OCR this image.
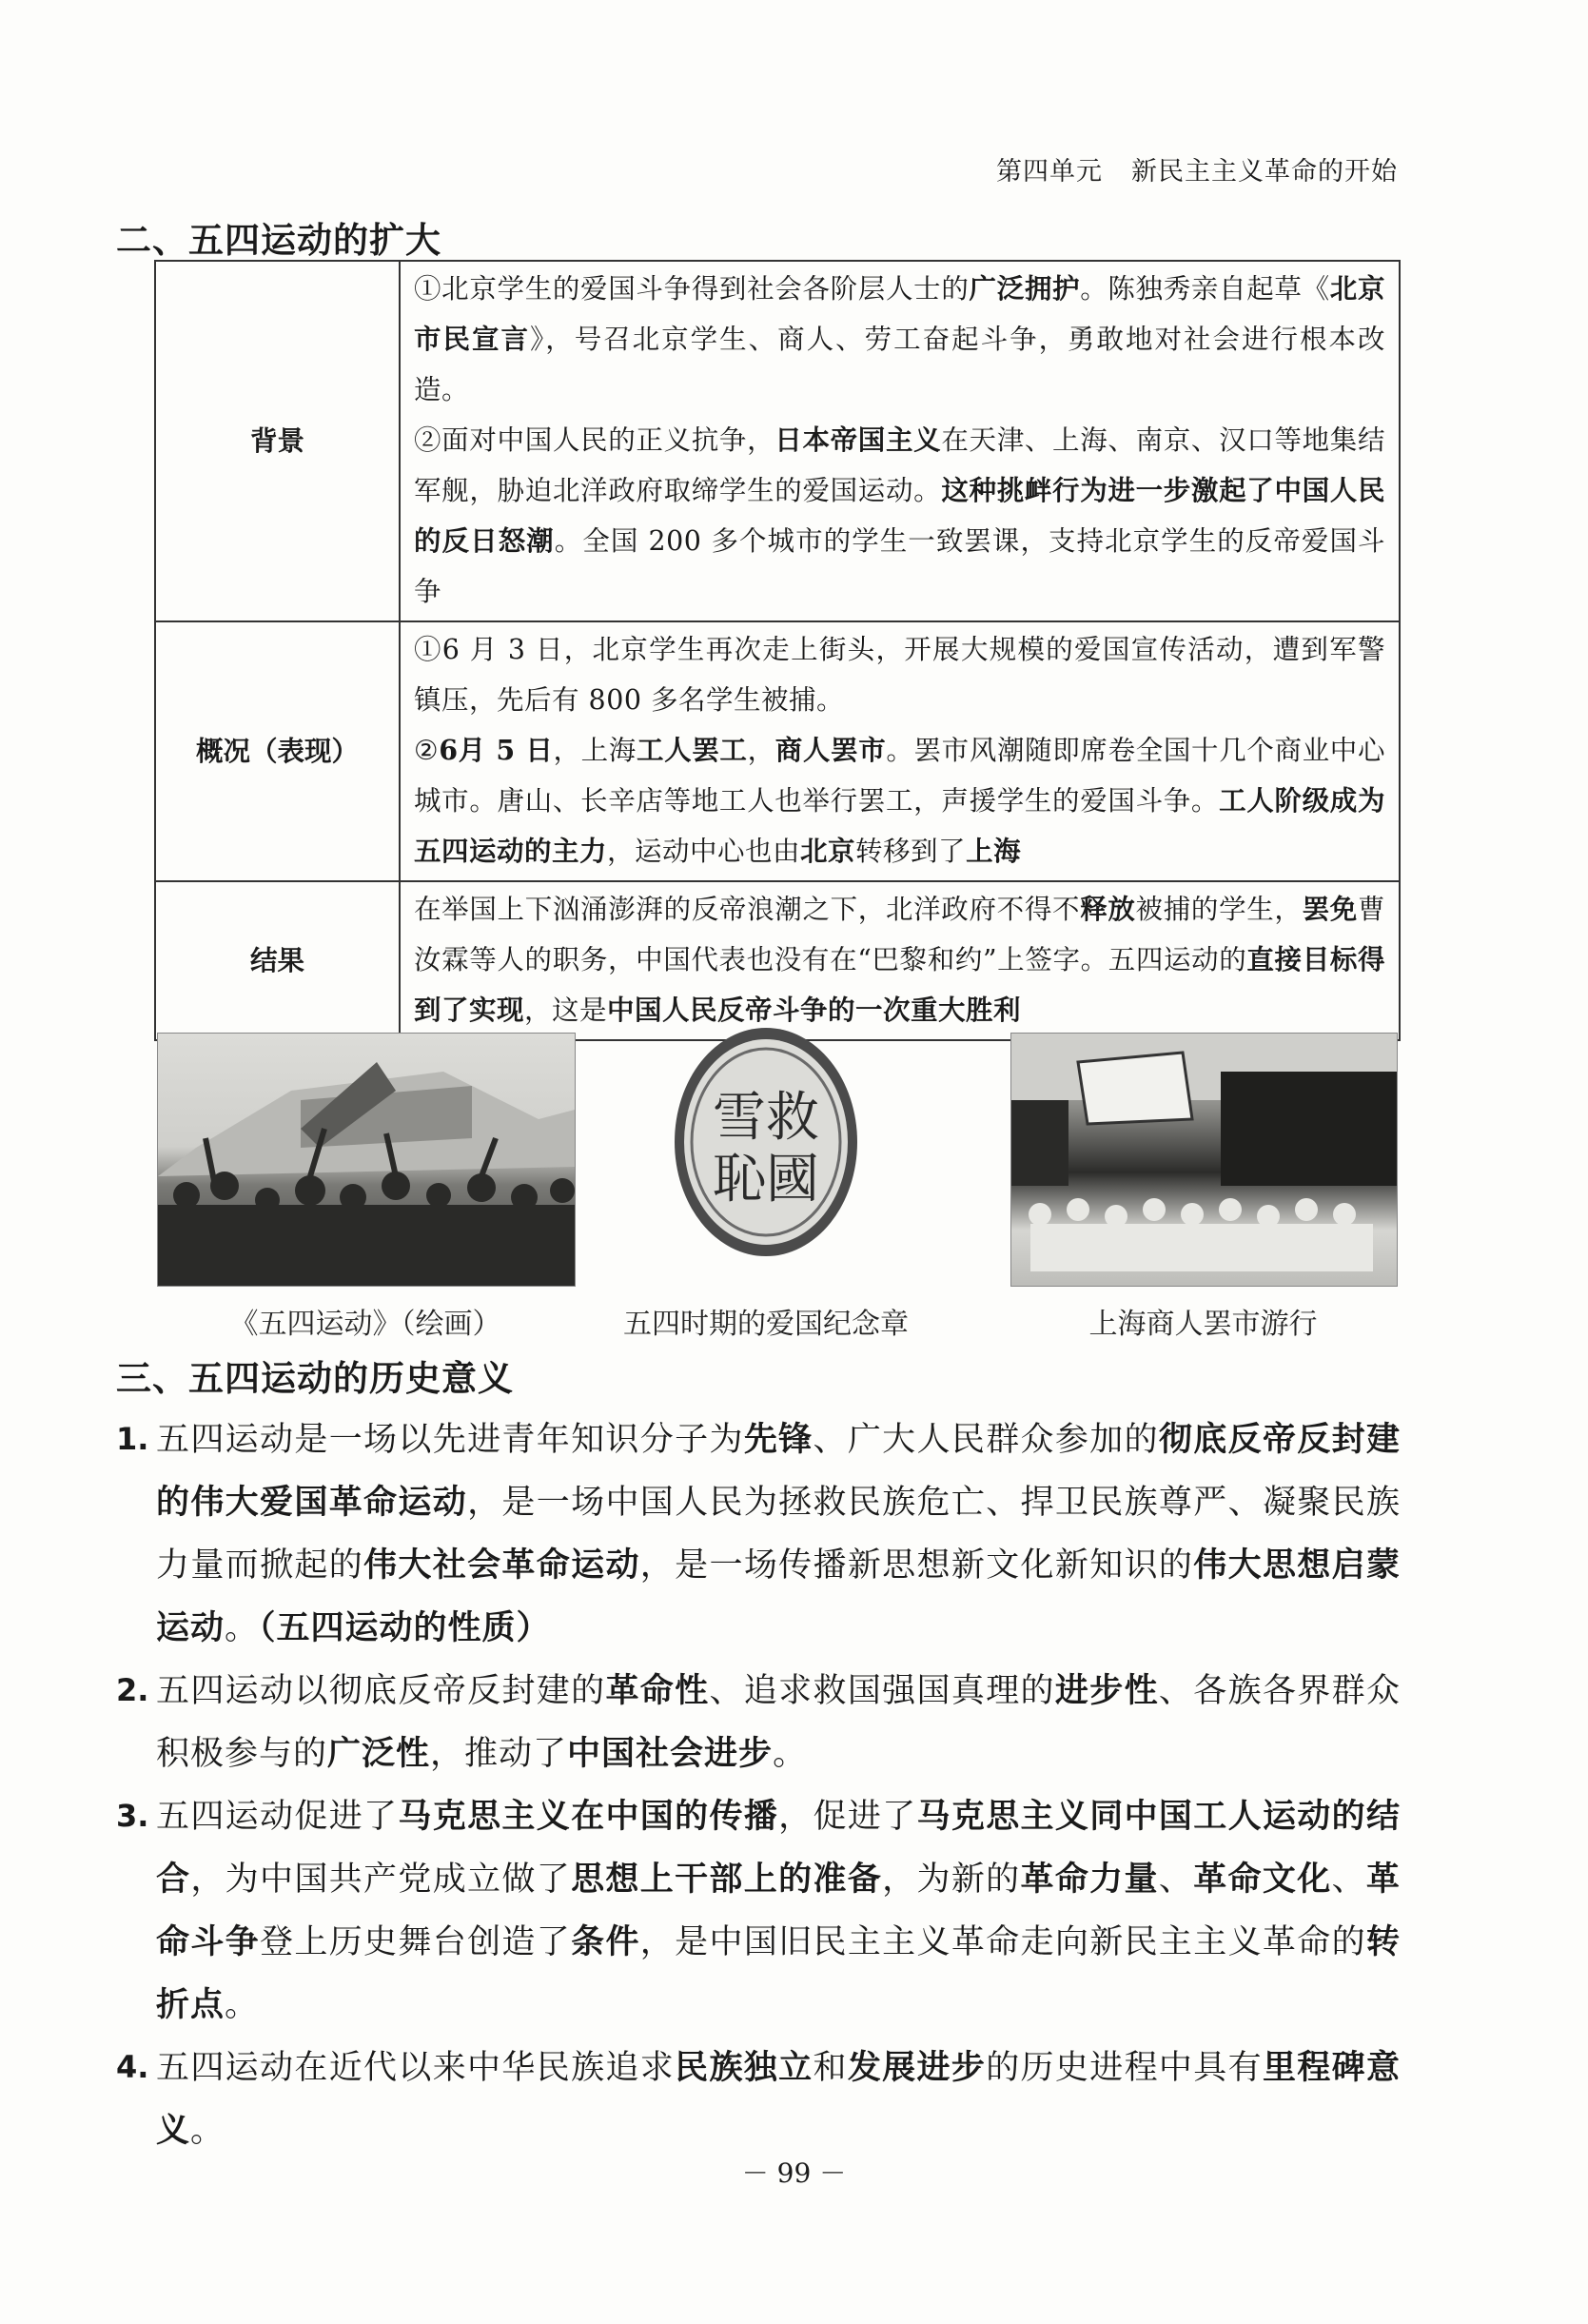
第四单元 新民主主义革命的开始
二、五四运动的扩大
背景	①北京学生的爱国斗争得到社会各阶层人士的广泛拥护。陈独秀亲自起草《北京市民宣言》，号召北京学生、商人、劳工奋起斗争，勇敢地对社会进行根本改造。

②面对中国人民的正义抗争，日本帝国主义在天津、上海、南京、汉口等地集结军舰，胁迫北洋政府取缔学生的爱国运动。这种挑衅行为进一步激起了中国人民的反日怒潮。全国 200 多个城市的学生一致罢课，支持北京学生的反帝爱国斗争

概况（表现）	①6 月 3 日，北京学生再次走上街头，开展大规模的爱国宣传活动，遭到军警镇压，先后有 800 多名学生被捕。

②6月 5 日，上海工人罢工，商人罢市。罢市风潮随即席卷全国十几个商业中心城市。唐山、长辛店等地工人也举行罢工，声援学生的爱国斗争。工人阶级成为五四运动的主力，运动中心也由北京转移到了上海

结果	在举国上下汹涌澎湃的反帝浪潮之下，北洋政府不得不释放被捕的学生，罢免曹汝霖等人的职务，中国代表也没有在“巴黎和约”上签字。五四运动的直接目标得到了实现，这是中国人民反帝斗争的一次重大胜利

救
雪
國
恥
《五四运动》（绘画）	五四时期的爱国纪念章	上海商人罢市游行
三、五四运动的历史意义
1. 五四运动是一场以先进青年知识分子为先锋、广大人民群众参加的彻底反帝反封建的伟大爱国革命运动，是一场中国人民为拯救民族危亡、捍卫民族尊严、凝聚民族力量而掀起的伟大社会革命运动，是一场传播新思想新文化新知识的伟大思想启蒙运动。（五四运动的性质）
2. 五四运动以彻底反帝反封建的革命性、追求救国强国真理的进步性、各族各界群众积极参与的广泛性，推动了中国社会进步。
3. 五四运动促进了马克思主义在中国的传播，促进了马克思主义同中国工人运动的结合，为中国共产党成立做了思想上干部上的准备，为新的革命力量、革命文化、革命斗争登上历史舞台创造了条件，是中国旧民主主义革命走向新民主主义革命的转折点。
4. 五四运动在近代以来中华民族追求民族独立和发展进步的历史进程中具有里程碑意义。
－ 99 －
